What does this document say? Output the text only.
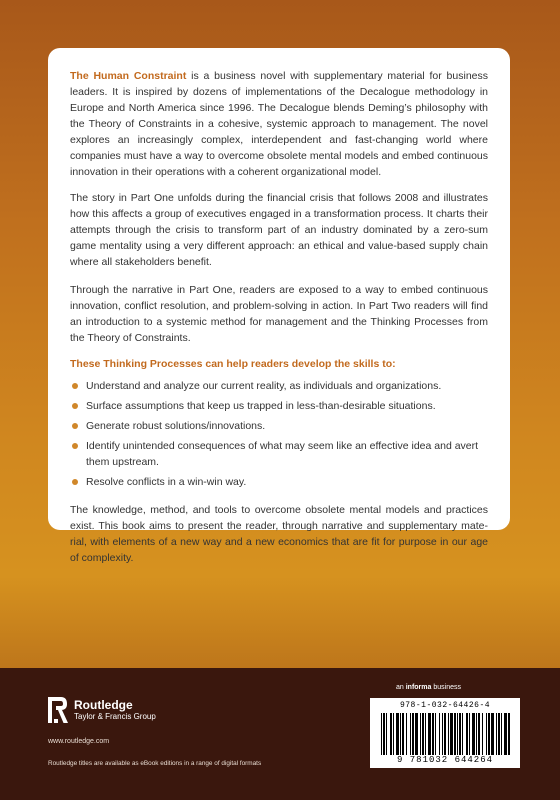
The Human Constraint is a business novel with supplementary material for business leaders. It is inspired by dozens of implementations of the Decalogue methodology in Europe and North America since 1996. The Decalogue blends Deming’s philosophy with the Theory of Constraints in a cohesive, systemic approach to management. The novel explores an increasingly complex, interdependent and fast-changing world where companies must have a way to overcome obsolete mental models and embed continuous innovation in their operations with a coherent organizational model.

The story in Part One unfolds during the financial crisis that follows 2008 and illustrates how this affects a group of executives engaged in a transformation process. It charts their attempts through the crisis to transform part of an industry dominated by a zero-sum game mentality using a very different approach: an ethical and value-based supply chain where all stakeholders benefit.

Through the narrative in Part One, readers are exposed to a way to embed continuous innovation, conflict resolution, and problem-solving in action. In Part Two readers will find an introduction to a systemic method for management and the Thinking Processes from the Theory of Constraints.

These Thinking Processes can help readers develop the skills to:
Understand and analyze our current reality, as individuals and organizations.
Surface assumptions that keep us trapped in less-than-desirable situations.
Generate robust solutions/innovations.
Identify unintended consequences of what may seem like an effective idea and avert them upstream.
Resolve conflicts in a win-win way.

The knowledge, method, and tools to overcome obsolete mental models and practices exist. This book aims to present the reader, through narrative and supplementary mate-rial, with elements of a new way and a new economics that are fit for purpose in our age of complexity.

Routledge
Taylor & Francis Group
www.routledge.com
Routledge titles are available as eBook editions in a range of digital formats
an informa business
978-1-032-64426-4
9 781032 644264
